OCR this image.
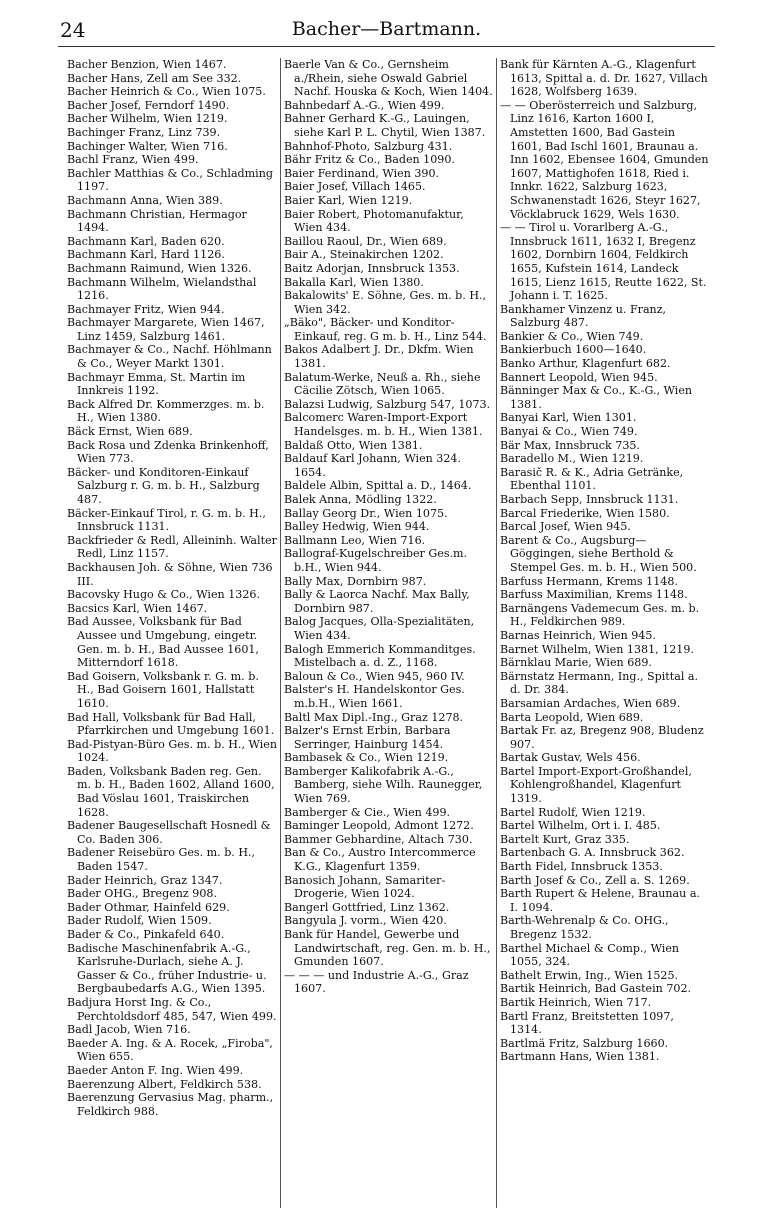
24	Bacher—Bartmann.
Bacher Benzion, Wien 1467.
Bacher Hans, Zell am See 332.
Bacher Heinrich & Co., Wien 1075.
Bacher Josef, Ferndorf 1490.
Bacher Wilhelm, Wien 1219.
Bachinger Franz, Linz 739.
Bachinger Walter, Wien 716.
Bachl Franz, Wien 499.
Bachler Matthias & Co., Schladming 1197.
Bachmann Anna, Wien 389.
Bachmann Christian, Hermagor 1494.
Bachmann Karl, Baden 620.
Bachmann Karl, Hard 1126.
Bachmann Raimund, Wien 1326.
Bachmann Wilhelm, Wielandsthal 1216.
Bachmayer Fritz, Wien 944.
Bachmayer Margarete, Wien 1467, Linz 1459, Salzburg 1461.
Bachmayer & Co., Nachf. Höhlmann & Co., Weyer Markt 1301.
Bachmayr Emma, St. Martin im Innkreis 1192.
Back Alfred Dr. Kommerzges. m. b. H., Wien 1380.
Bäck Ernst, Wien 689.
Back Rosa und Zdenka Brinkenhoff, Wien 773.
Bäcker- und Konditoren-Einkauf Salzburg r. G. m. b. H., Salzburg 487.
Bäcker-Einkauf Tirol, r. G. m. b. H., Innsbruck 1131.
Backfrieder & Redl, Alleininh. Walter Redl, Linz 1157.
Backhausen Joh. & Söhne, Wien 736 III.
Bacovsky Hugo & Co., Wien 1326.
Bacsics Karl, Wien 1467.
Bad Aussee, Volksbank für Bad Aussee und Umgebung, eingetr. Gen. m. b. H., Bad Aussee 1601, Mitterndorf 1618.
Bad Goisern, Volksbank r. G. m. b. H., Bad Goisern 1601, Hallstatt 1610.
Bad Hall, Volksbank für Bad Hall, Pfarrkirchen und Umgebung 1601.
Bad-Pistyan-Büro Ges. m. b. H., Wien 1024.
Baden, Volksbank Baden reg. Gen. m. b. H., Baden 1602, Alland 1600, Bad Vöslau 1601, Traiskirchen 1628.
Badener Baugesellschaft Hosnedl & Co. Baden 306.
Badener Reisebüro Ges. m. b. H., Baden 1547.
Bader Heinrich, Graz 1347.
Bader OHG., Bregenz 908.
Bader Othmar, Hainfeld 629.
Bader Rudolf, Wien 1509.
Bader & Co., Pinkafeld 640.
Badische Maschinenfabrik A.-G., Karlsruhe-Durlach, siehe A. J. Gasser & Co., früher Industrie- u. Bergbaubedarfs A.G., Wien 1395.
Badjura Horst Ing. & Co., Perchtoldsdorf 485, 547, Wien 499.
Badl Jacob, Wien 716.
Baeder A. Ing. & A. Rocek, „Firoba", Wien 655.
Baeder Anton F. Ing. Wien 499.
Baerenzung Albert, Feldkirch 538.
Baerenzung Gervasius Mag. pharm., Feldkirch 988.
Baerle Van & Co., Gernsheim a./Rhein, siehe Oswald Gabriel Nachf. Houska & Koch, Wien 1404.
Bahnbedarf A.-G., Wien 499.
Bahner Gerhard K.-G., Lauingen, siehe Karl P. L. Chytil, Wien 1387.
Bahnhof-Photo, Salzburg 431.
Bähr Fritz & Co., Baden 1090.
Baier Ferdinand, Wien 390.
Baier Josef, Villach 1465.
Baier Karl, Wien 1219.
Baier Robert, Photomanufaktur, Wien 434.
Baillou Raoul, Dr., Wien 689.
Bair A., Steinakirchen 1202.
Baitz Adorjan, Innsbruck 1353.
Bakalla Karl, Wien 1380.
Bakalowits' E. Söhne, Ges. m. b. H., Wien 342.
„Bäko", Bäcker- und Konditor-Einkauf, reg. G m. b. H., Linz 544.
Bakos Adalbert J. Dr., Dkfm. Wien 1381.
Balatum-Werke, Neuß a. Rh., siehe Cäcilie Zötsch, Wien 1065.
Balazsi Ludwig, Salzburg 547, 1073.
Balcomerc Waren-Import-Export Handelsges. m. b. H., Wien 1381.
Baldaß Otto, Wien 1381.
Baldauf Karl Johann, Wien 324. 1654.
Baldele Albin, Spittal a. D., 1464.
Balek Anna, Mödling 1322.
Ballay Georg Dr., Wien 1075.
Balley Hedwig, Wien 944.
Ballmann Leo, Wien 716.
Ballograf-Kugelschreiber Ges.m. b.H., Wien 944.
Bally Max, Dornbirn 987.
Bally & Laorca Nachf. Max Bally, Dornbirn 987.
Balog Jacques, Olla-Spezialitäten, Wien 434.
Balogh Emmerich Kommanditges. Mistelbach a. d. Z., 1168.
Baloun & Co., Wien 945, 960 IV.
Balster's H. Handelskontor Ges. m.b.H., Wien 1661.
Baltl Max Dipl.-Ing., Graz 1278.
Balzer's Ernst Erbin, Barbara Serringer, Hainburg 1454.
Bambasek & Co., Wien 1219.
Bamberger Kalikofabrik A.-G., Bamberg, siehe Wilh. Raunegger, Wien 769.
Bamberger & Cie., Wien 499.
Baminger Leopold, Admont 1272.
Bammer Gebhardine, Altach 730.
Ban & Co., Austro Intercommerce K.G., Klagenfurt 1359.
Banosich Johann, Samariter-Drogerie, Wien 1024.
Bangerl Gottfried, Linz 1362.
Bangyula J. vorm., Wien 420.
Bank für Handel, Gewerbe und Landwirtschaft, reg. Gen. m. b. H., Gmunden 1607.
— — — und Industrie A.-G., Graz 1607.
Bank für Kärnten A.-G., Klagenfurt 1613, Spittal a. d. Dr. 1627, Villach 1628, Wolfsberg 1639.
— — Oberösterreich und Salzburg, Linz 1616, Karton 1600 I, Amstetten 1600, Bad Gastein 1601, Bad Ischl 1601, Braunau a. Inn 1602, Ebensee 1604, Gmunden 1607, Mattighofen 1618, Ried i. Innkr. 1622, Salzburg 1623, Schwanenstadt 1626, Steyr 1627, Vöcklabruck 1629, Wels 1630.
— — Tirol u. Vorarlberg A.-G., Innsbruck 1611, 1632 I, Bregenz 1602, Dornbirn 1604, Feldkirch 1655, Kufstein 1614, Landeck 1615, Lienz 1615, Reutte 1622, St. Johann i. T. 1625.
Bankhamer Vinzenz u. Franz, Salzburg 487.
Bankier & Co., Wien 749.
Bankierbuch 1600—1640.
Banko Arthur, Klagenfurt 682.
Bannert Leopold, Wien 945.
Bänninger Max & Co., K.-G., Wien 1381.
Banyai Karl, Wien 1301.
Banyai & Co., Wien 749.
Bär Max, Innsbruck 735.
Baradello M., Wien 1219.
Barasič R. & K., Adria Getränke, Ebenthal 1101.
Barbach Sepp, Innsbruck 1131.
Barcal Friederike, Wien 1580.
Barcal Josef, Wien 945.
Barent & Co., Augsburg—Göggingen, siehe Berthold & Stempel Ges. m. b. H., Wien 500.
Barfuss Hermann, Krems 1148.
Barfuss Maximilian, Krems 1148.
Barnängens Vademecum Ges. m. b. H., Feldkirchen 989.
Barnas Heinrich, Wien 945.
Barnet Wilhelm, Wien 1381, 1219.
Bärnklau Marie, Wien 689.
Bärnstatz Hermann, Ing., Spittal a. d. Dr. 384.
Barsamian Ardaches, Wien 689.
Barta Leopold, Wien 689.
Bartak Fr. az, Bregenz 908, Bludenz 907.
Bartak Gustav, Wels 456.
Bartel Import-Export-Großhandel, Kohlengroßhandel, Klagenfurt 1319.
Bartel Rudolf, Wien 1219.
Bartel Wilhelm, Ort i. I. 485.
Bartelt Kurt, Graz 335.
Bartenbach G. A. Innsbruck 362.
Barth Fidel, Innsbruck 1353.
Barth Josef & Co., Zell a. S. 1269.
Barth Rupert & Helene, Braunau a. I. 1094.
Barth-Wehrenalp & Co. OHG., Bregenz 1532.
Barthel Michael & Comp., Wien 1055, 324.
Bathelt Erwin, Ing., Wien 1525.
Bartik Heinrich, Bad Gastein 702.
Bartik Heinrich, Wien 717.
Bartl Franz, Breitstetten 1097, 1314.
Bartlmä Fritz, Salzburg 1660.
Bartmann Hans, Wien 1381.
